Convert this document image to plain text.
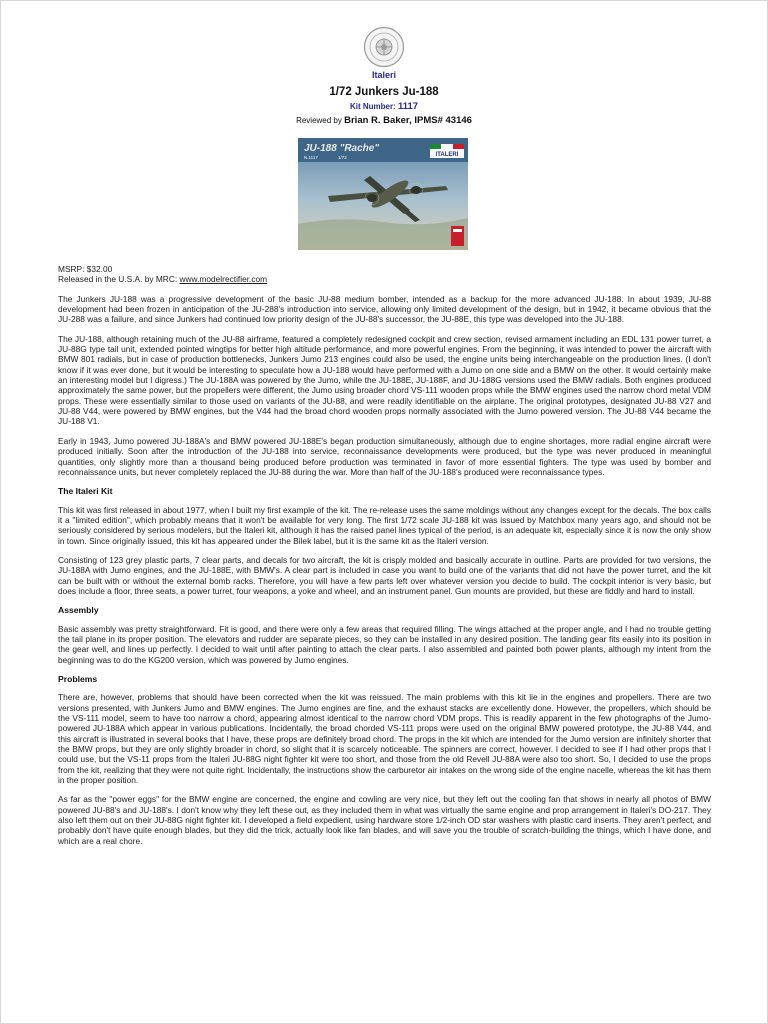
Italeri
1/72 Junkers Ju-188
Kit Number: 1117
Reviewed by Brian R. Baker, IPMS# 43146
JU-188 "Rache"
N.1117	1/72	ITALERI
MSRP: $32.00
Released in the U.S.A. by MRC: www.modelrectifier.com

The Junkers JU-188 was a progressive development of the basic JU-88 medium bomber, intended as a backup for the more advanced JU-188. In about 1939, JU-88 development had been frozen in anticipation of the JU-288's introduction into service, allowing only limited development of the design, but in 1942, it became obvious that the JU-288 was a failure, and since Junkers had continued low priority design of the JU-88's successor, the JU-88E, this type was developed into the JU-188.

The JU-188, although retaining much of the JU-88 airframe, featured a completely redesigned cockpit and crew section, revised armament including an EDL 131 power turret, a JU-88G type tail unit, extended pointed wingtips for better high altitude performance, and more powerful engines. From the beginning, it was intended to power the aircraft with BMW 801 radials, but in case of production bottlenecks, Junkers Jumo 213 engines could also be used, the engine units being interchangeable on the production lines. (I don't know if it was ever done, but it would be interesting to speculate how a JU-188 would have performed with a Jumo on one side and a BMW on the other. It would certainly make an interesting model but I digress.) The JU-188A was powered by the Jumo, while the JU-188E, JU-188F, and JU-188G versions used the BMW radials. Both engines produced approximately the same power, but the propellers were different, the Jumo using broader chord VS-111 wooden props while the BMW engines used the narrow chord metal VDM props. These were essentially similar to those used on variants of the JU-88, and were readily identifiable on the airplane. The original prototypes, designated JU-88 V27 and JU-88 V44, were powered by BMW engines, but the V44 had the broad chord wooden props normally associated with the Jumo powered version. The JU-88 V44 became the JU-188 V1.

Early in 1943, Jumo powered JU-188A's and BMW powered JU-188E's began production simultaneously, although due to engine shortages, more radial engine aircraft were produced initially. Soon after the introduction of the JU-188 into service, reconnaissance developments were produced, but the type was never produced in meaningful quantities, only slightly more than a thousand being produced before production was terminated in favor of more essential fighters. The type was used by bomber and reconnaissance units, but never completely replaced the JU-88 during the war. More than half of the JU-188's produced were reconnaissance types.

The Italeri Kit

This kit was first released in about 1977, when I built my first example of the kit. The re-release uses the same moldings without any changes except for the decals. The box calls it a "limited edition", which probably means that it won't be available for very long. The first 1/72 scale JU-188 kit was issued by Matchbox many years ago, and should not be seriously considered by serious modelers, but the Italeri kit, although it has the raised panel lines typical of the period, is an adequate kit, especially since it is now the only show in town. Since originally issued, this kit has appeared under the Bilek label, but it is the same kit as the Italeri version.

Consisting of 123 grey plastic parts, 7 clear parts, and decals for two aircraft, the kit is crisply molded and basically accurate in outline. Parts are provided for two versions, the JU-188A with Jumo engines, and the JU-188E, with BMW's. A clear part is included in case you want to build one of the variants that did not have the power turret, and the kit can be built with or without the external bomb racks. Therefore, you will have a few parts left over whatever version you decide to build. The cockpit interior is very basic, but does include a floor, three seats, a power turret, four weapons, a yoke and wheel, and an instrument panel. Gun mounts are provided, but these are fiddly and hard to install.

Assembly

Basic assembly was pretty straightforward. Fit is good, and there were only a few areas that required filling. The wings attached at the proper angle, and I had no trouble getting the tail plane in its proper position. The elevators and rudder are separate pieces, so they can be installed in any desired position. The landing gear fits easily into its position in the gear well, and lines up perfectly. I decided to wait until after painting to attach the clear parts. I also assembled and painted both power plants, although my intent from the beginning was to do the KG200 version, which was powered by Jumo engines.

Problems

There are, however, problems that should have been corrected when the kit was reissued. The main problems with this kit lie in the engines and propellers. There are two versions presented, with Junkers Jumo and BMW engines. The Jumo engines are fine, and the exhaust stacks are excellently done. However, the propellers, which should be the VS-111 model, seem to have too narrow a chord, appearing almost identical to the narrow chord VDM props. This is readily apparent in the few photographs of the Jumo-powered JU-188A which appear in various publications. Incidentally, the broad chorded VS-111 props were used on the original BMW powered prototype, the JU-88 V44, and this aircraft is illustrated in several books that I have, these props are definitely broad chord. The props in the kit which are intended for the Jumo version are infinitely shorter that the BMW props, but they are only slightly broader in chord, so slight that it is scarcely noticeable. The spinners are correct, however. I decided to see if I had other props that I could use, but the VS-11 props from the Italeri JU-88G night fighter kit were too short, and those from the old Revell JU-88A were also too short. So, I decided to use the props from the kit, realizing that they were not quite right. Incidentally, the instructions show the carburetor air intakes on the wrong side of the engine nacelle, whereas the kit has them in the proper position.

As far as the "power eggs" for the BMW engine are concerned, the engine and cowling are very nice, but they left out the cooling fan that shows in nearly all photos of BMW powered JU-88's and JU-188's. I don't know why they left these out, as they included them in what was virtually the same engine and prop arrangement in Italeri's DO-217. They also left them out on their JU-88G night fighter kit. I developed a field expedient, using hardware store 1/2-inch OD star washers with plastic card inserts. They aren't perfect, and probably don't have quite enough blades, but they did the trick, actually look like fan blades, and will save you the trouble of scratch-building the things, which I have done, and which are a real chore.
